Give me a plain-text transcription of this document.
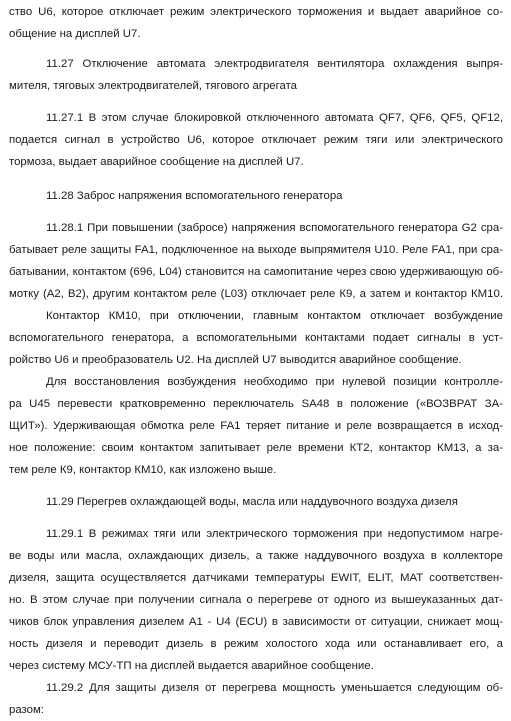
ство U6, которое отключает режим электрического торможения и выдает аварийное со-
общение на дисплей U7.
11.27 Отключение автомата электродвигателя вентилятора охлаждения выпря-
мителя, тяговых электродвигателей, тягового агрегата
11.27.1 В этом случае блокировкой отключенного автомата QF7, QF6, QF5, QF12,
подается сигнал в устройство U6, которое отключает режим тяги или электрического
тормоза, выдает аварийное сообщение на дисплей U7.
11.28 Заброс напряжения вспомогательного генератора
11.28.1 При повышении (забросе) напряжения вспомогательного генератора G2 сра-
батывает реле защиты FA1, подключенное на выходе выпрямителя U10. Реле FA1, при сра-
батывании, контактом (696, L04) становится на самопитание через свою удерживающую об-
мотку (А2, В2), другим контактом реле (L03) отключает реле К9, а затем и контактор КМ10.
Контактор КМ10, при отключении, главным контактом отключает возбуждение
вспомогательного генератора, а вспомогательными контактами подает сигналы в уст-
ройство U6 и преобразователь U2. На дисплей U7 выводится аварийное сообщение.
Для восстановления возбуждения необходимо при нулевой позиции контролле-
ра U45 перевести кратковременно переключатель SA48 в положение («ВОЗВРАТ ЗА-
ЩИТ»). Удерживающая обмотка реле FA1 теряет питание и реле возвращается в исход-
ное положение: своим контактом запитывает реле времени КТ2, контактор КМ13, а за-
тем реле К9, контактор КМ10, как изложено выше.
11.29 Перегрев охлаждающей воды, масла или наддувочного воздуха дизеля
11.29.1 В режимах тяги или электрического торможения при недопустимом нагре-
ве воды или масла, охлаждающих дизель, а также наддувочного воздуха в коллекторе
дизеля, защита осуществляется датчиками температуры EWIT, ELIT, MAT соответствен-
но. В этом случае при получении сигнала о перегреве от одного из вышеуказанных дат-
чиков блок управления дизелем А1 - U4 (ECU) в зависимости от ситуации, снижает мощ-
ность дизеля и переводит дизель в режим холостого хода или останавливает его, а
через систему МСУ-ТП на дисплей выдается аварийное сообщение.
11.29.2 Для защиты дизеля от перегрева мощность уменьшается следующим об-
разом:
